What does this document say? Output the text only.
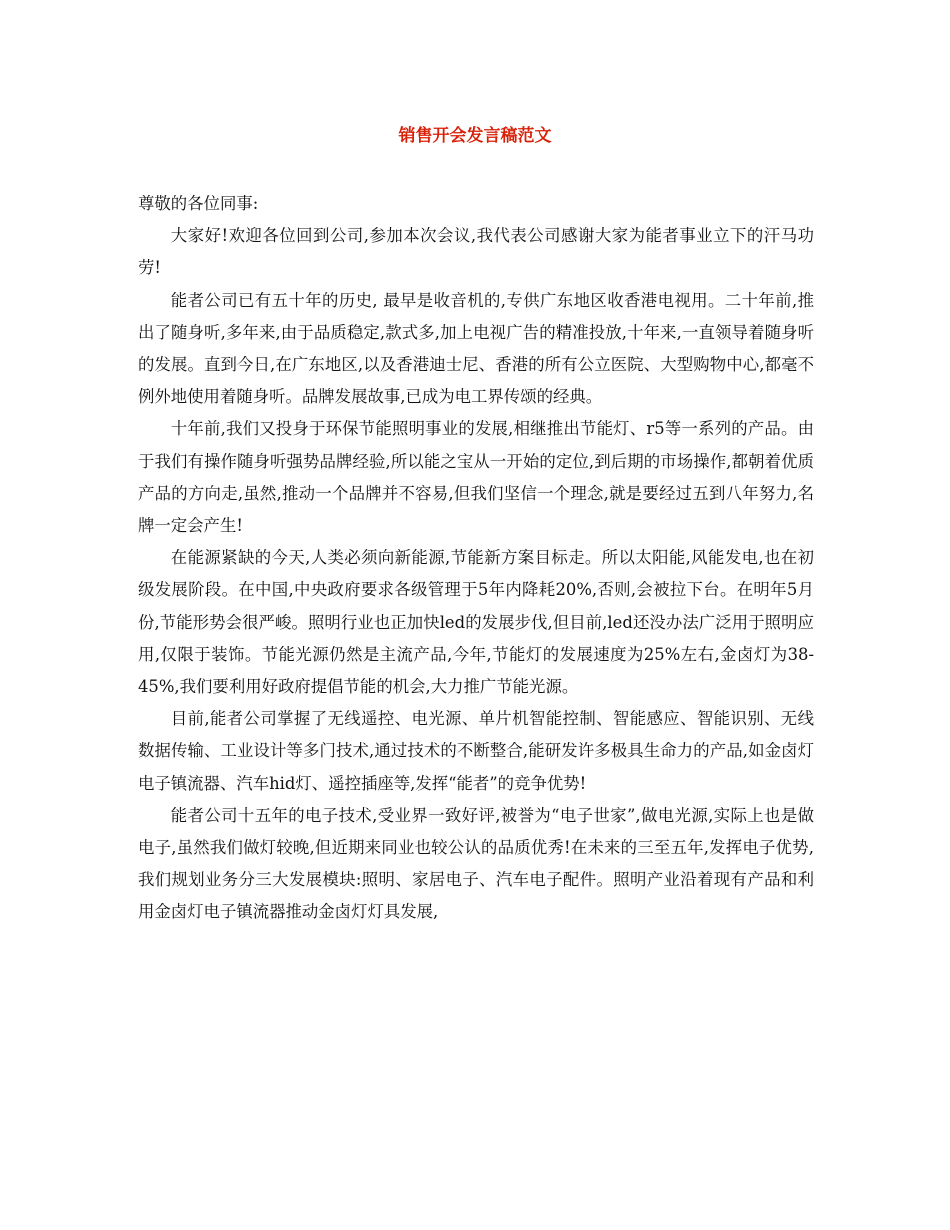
销售开会发言稿范文

尊敬的各位同事:

大家好!欢迎各位回到公司,参加本次会议,我代表公司感谢大家为能者事业立下的汗马功劳!

能者公司已有五十年的历史, 最早是收音机的,专供广东地区收香港电视用。二十年前,推出了随身听,多年来,由于品质稳定,款式多,加上电视广告的精准投放,十年来,一直领导着随身听的发展。直到今日,在广东地区,以及香港迪士尼、香港的所有公立医院、大型购物中心,都毫不例外地使用着随身听。品牌发展故事,已成为电工界传颂的经典。

十年前,我们又投身于环保节能照明事业的发展,相继推出节能灯、r5等一系列的产品。由于我们有操作随身听强势品牌经验,所以能之宝从一开始的定位,到后期的市场操作,都朝着优质产品的方向走,虽然,推动一个品牌并不容易,但我们坚信一个理念,就是要经过五到八年努力,名牌一定会产生!

在能源紧缺的今天,人类必须向新能源,节能新方案目标走。所以太阳能,风能发电,也在初级发展阶段。在中国,中央政府要求各级管理于5年内降耗20%,否则,会被拉下台。在明年5月份,节能形势会很严峻。照明行业也正加快led的发展步伐,但目前,led还没办法广泛用于照明应用,仅限于装饰。节能光源仍然是主流产品,今年,节能灯的发展速度为25%左右,金卤灯为38-45%,我们要利用好政府提倡节能的机会,大力推广节能光源。

目前,能者公司掌握了无线遥控、电光源、单片机智能控制、智能感应、智能识别、无线数据传输、工业设计等多门技术,通过技术的不断整合,能研发许多极具生命力的产品,如金卤灯电子镇流器、汽车hid灯、遥控插座等,发挥“能者”的竞争优势!

能者公司十五年的电子技术,受业界一致好评,被誉为“电子世家”,做电光源,实际上也是做电子,虽然我们做灯较晚,但近期来同业也较公认的品质优秀!在未来的三至五年,发挥电子优势,我们规划业务分三大发展模块:照明、家居电子、汽车电子配件。照明产业沿着现有产品和利用金卤灯电子镇流器推动金卤灯灯具发展,
